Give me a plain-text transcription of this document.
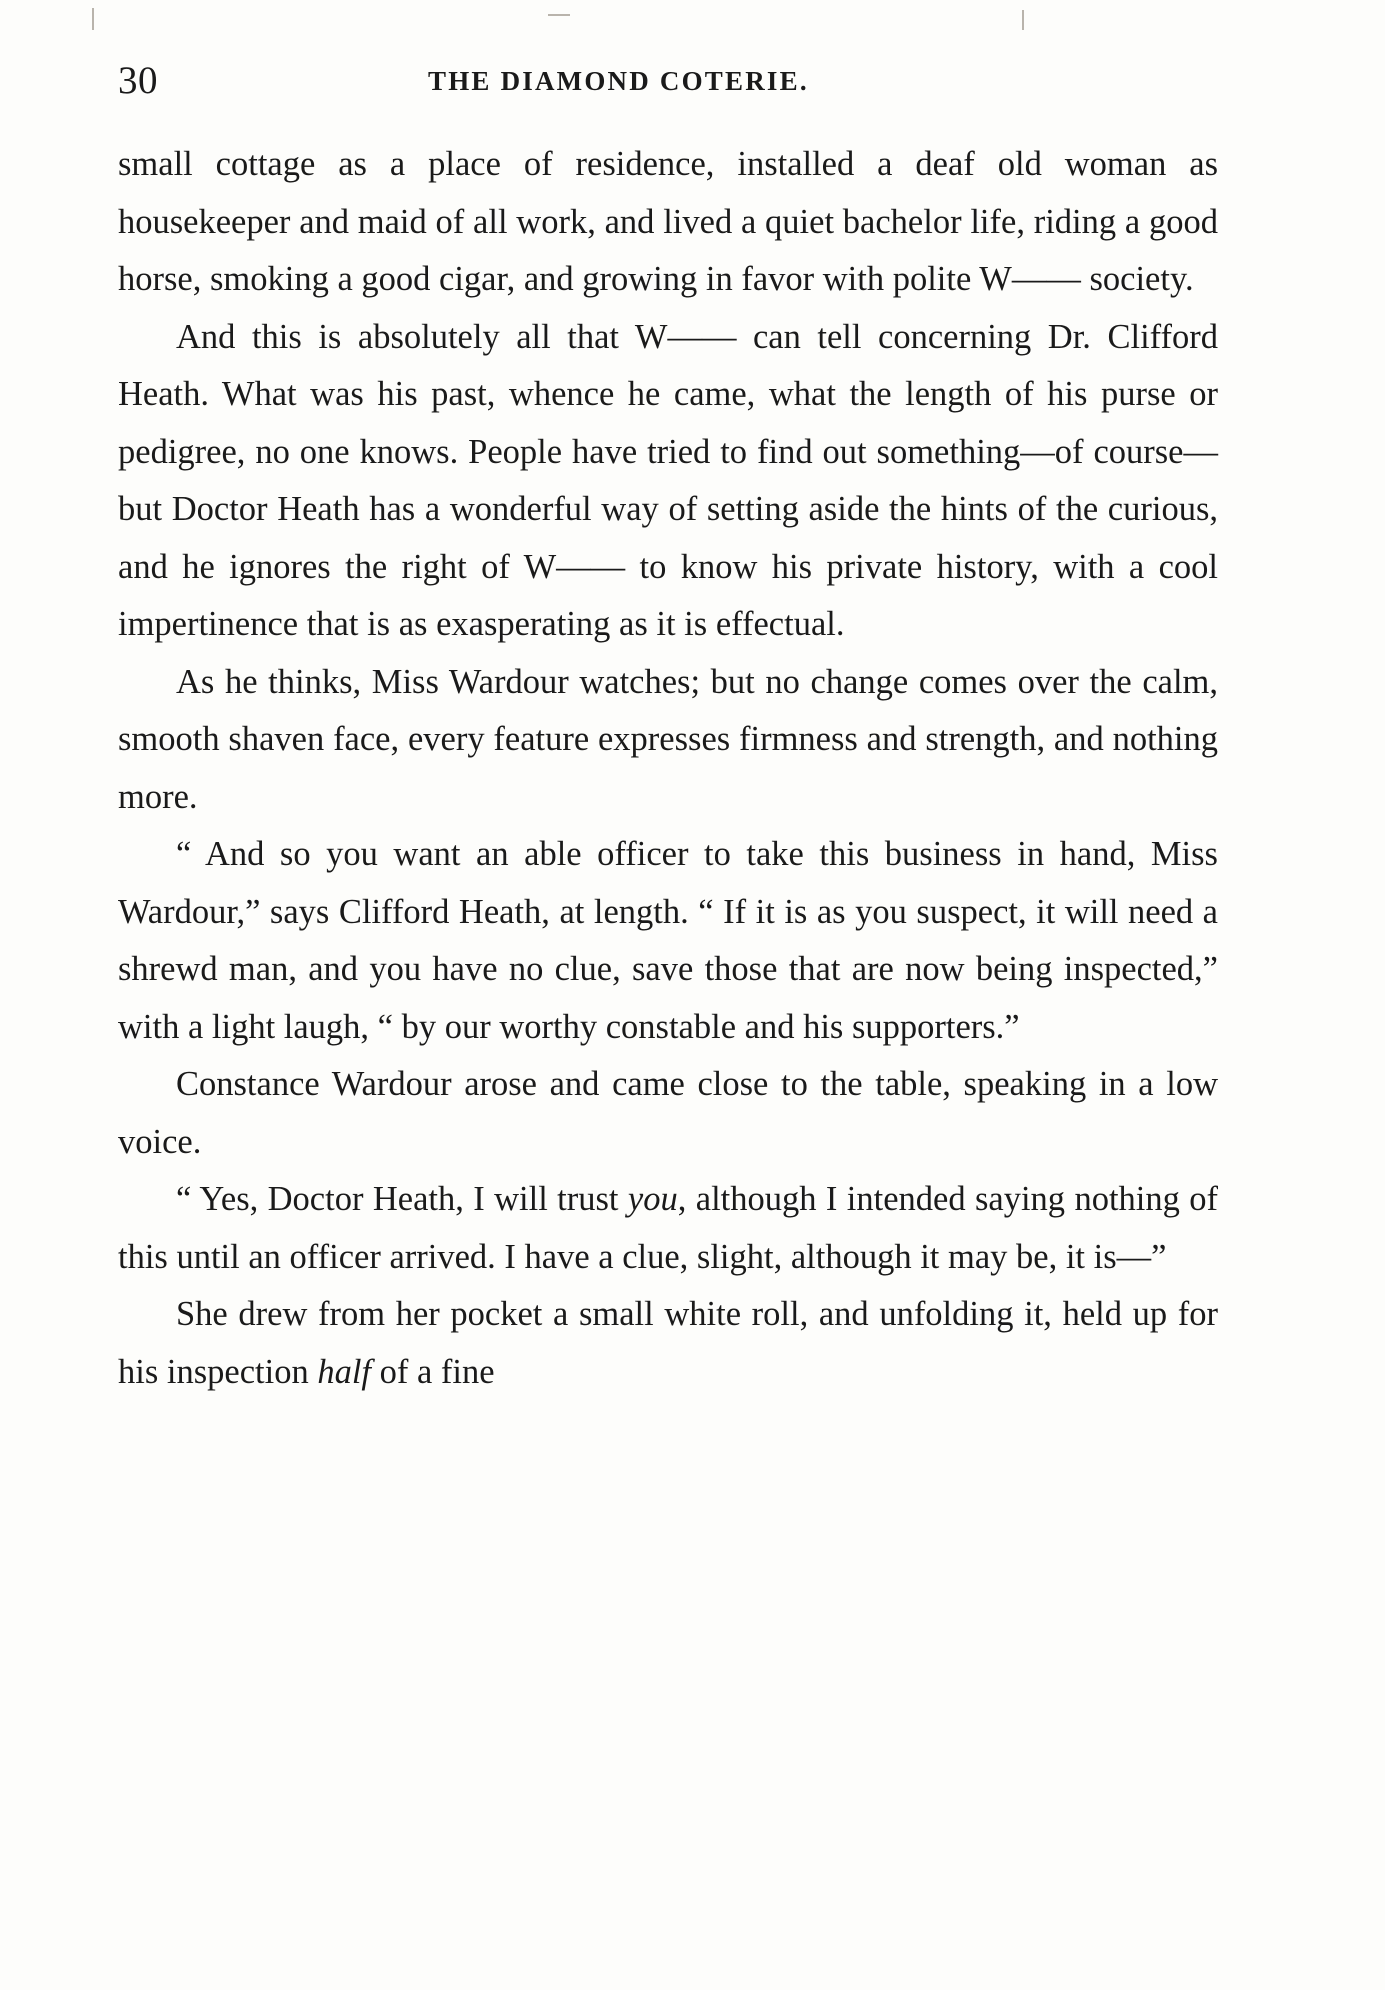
30	THE DIAMOND COTERIE.

small cottage as a place of residence, installed a deaf old woman as housekeeper and maid of all work, and lived a quiet bachelor life, riding a good horse, smoking a good cigar, and growing in favor with polite W—— society.

And this is absolutely all that W—— can tell concerning Dr. Clifford Heath. What was his past, whence he came, what the length of his purse or pedigree, no one knows. People have tried to find out something—of course—but Doctor Heath has a wonderful way of setting aside the hints of the curious, and he ignores the right of W—— to know his private history, with a cool impertinence that is as exasperating as it is effectual.

As he thinks, Miss Wardour watches; but no change comes over the calm, smooth shaven face, every feature expresses firmness and strength, and nothing more.

“ And so you want an able officer to take this business in hand, Miss Wardour,” says Clifford Heath, at length. “ If it is as you suspect, it will need a shrewd man, and you have no clue, save those that are now being inspected,” with a light laugh, “ by our worthy constable and his supporters.”

Constance Wardour arose and came close to the table, speaking in a low voice.

“ Yes, Doctor Heath, I will trust you, although I intended saying nothing of this until an officer arrived. I have a clue, slight, although it may be, it is—”

She drew from her pocket a small white roll, and unfolding it, held up for his inspection half of a fine
